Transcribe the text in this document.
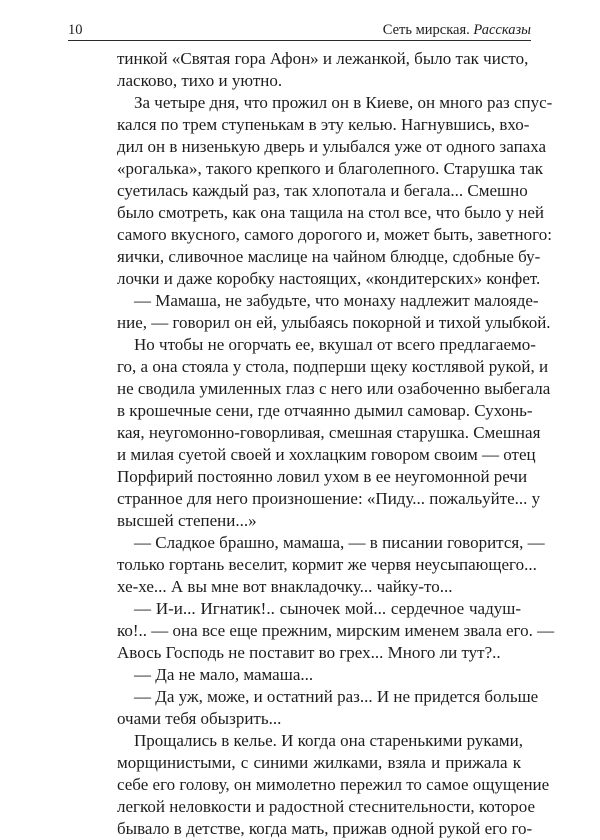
10	Сеть мирская. Рассказы
тинкой «Святая гора Афон» и лежанкой, было так чисто,
ласково, тихо и уютно.
За четыре дня, что прожил он в Киеве, он много раз спус-
кался по трем ступенькам в эту келью. Нагнувшись, вхо-
дил он в низенькую дверь и улыбался уже от одного запаха
«рогалька», такого крепкого и благолепного. Старушка так
суетилась каждый раз, так хлопотала и бегала... Смешно
было смотреть, как она тащила на стол все, что было у ней
самого вкусного, самого дорогого и, может быть, заветного:
яички, сливочное маслице на чайном блюдце, сдобные бу-
лочки и даже коробку настоящих, «кондитерских» конфет.
— Мамаша, не забудьте, что монаху надлежит малояде-
ние, — говорил он ей, улыбаясь покорной и тихой улыбкой.
Но чтобы не огорчать ее, вкушал от всего предлагаемо-
го, а она стояла у стола, подперши щеку костлявой рукой, и
не сводила умиленных глаз с него или озабоченно выбегала
в крошечные сени, где отчаянно дымил самовар. Сухонь-
кая, неугомонно-говорливая, смешная старушка. Смешная
и милая суетой своей и хохлацким говором своим — отец
Порфирий постоянно ловил ухом в ее неугомонной речи
странное для него произношение: «Пиду... пожальуйте... у
высшей степени...»
— Сладкое брашно, мамаша, — в писании говорится, —
только гортань веселит, кормит же червя неусыпающего...
хе-хе... А вы мне вот внакладочку... чайку-то...
— И-и... Игнатик!.. сыночек мой... сердечное чадуш-
ко!.. — она все еще прежним, мирским именем звала его. —
Авось Господь не поставит во грех... Много ли тут?..
— Да не мало, мамаша...
— Да уж, може, и остатний раз... И не придется больше
очами тебя обызрить...
Прощались в келье. И когда она старенькими руками,
морщинистыми, с синими жилками, взяла и прижала к
себе его голову, он мимолетно пережил то самое ощущение
легкой неловкости и радостной стеснительности, которое
бывало в детстве, когда мать, прижав одной рукой его го-
